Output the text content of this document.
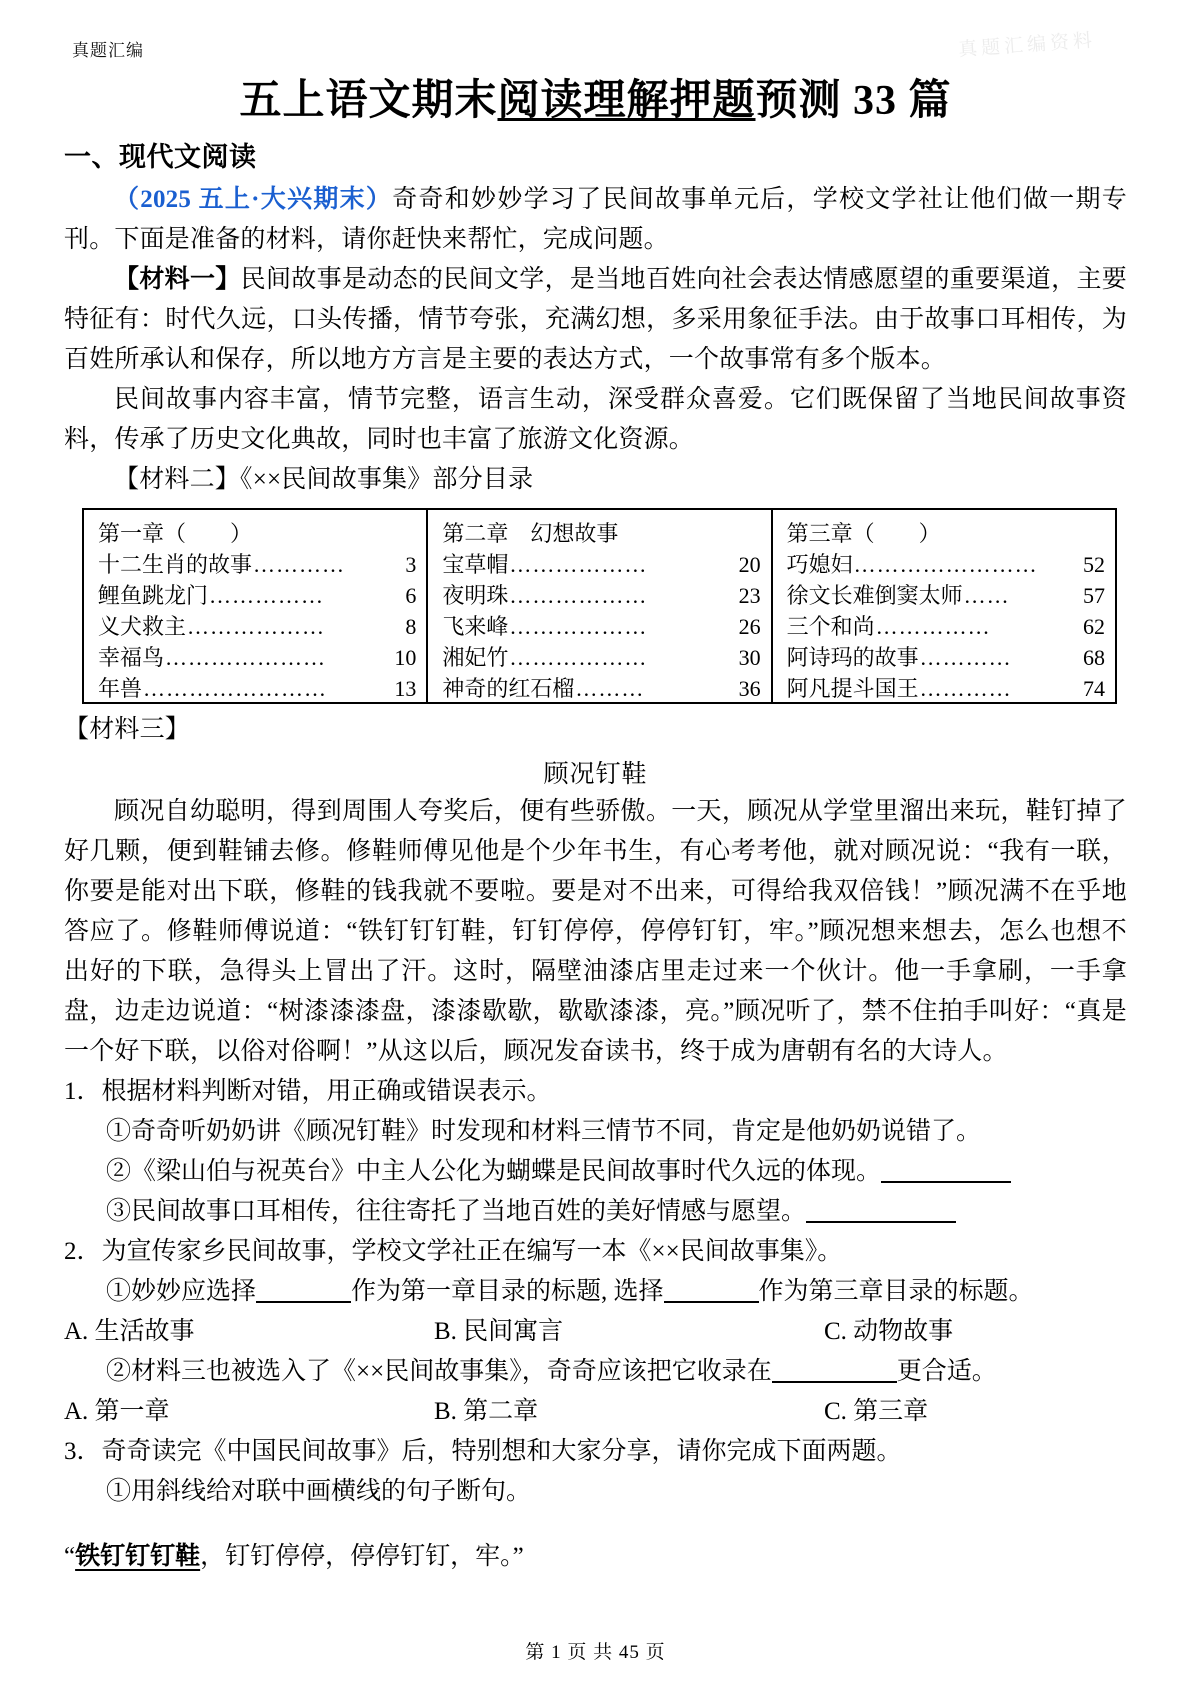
真题汇编资料
真题汇编
五上语文期末阅读理解押题预测 33 篇
一、现代文阅读

（2025 五上·大兴期末）奇奇和妙妙学习了民间故事单元后，学校文学社让他们做一期专刊。下面是准备的材料，请你赶快来帮忙，完成问题。

【材料一】民间故事是动态的民间文学，是当地百姓向社会表达情感愿望的重要渠道，主要特征有：时代久远，口头传播，情节夸张，充满幻想，多采用象征手法。由于故事口耳相传，为百姓所承认和保存，所以地方方言是主要的表达方式，一个故事常有多个版本。

民间故事内容丰富，情节完整，语言生动，深受群众喜爱。它们既保留了当地民间故事资料，传承了历史文化典故，同时也丰富了旅游文化资源。

【材料二】《××民间故事集》部分目录

第一章（　　）
十二生肖的故事 …………	3
鲤鱼跳龙门 ……………	6
义犬救主 ………………	8
幸福鸟 …………………	10
年兽 ……………………	13
第二章　幻想故事
宝草帽 ………………	20
夜明珠 ………………	23
飞来峰 ………………	26
湘妃竹 ………………	30
神奇的红石榴 ………	36
第三章（　　）
巧媳妇 ……………………	52
徐文长难倒窦太师 ……	57
三个和尚 ……………	62
阿诗玛的故事 …………	68
阿凡提斗国王 …………	74

【材料三】

顾况钉鞋

顾况自幼聪明，得到周围人夸奖后，便有些骄傲。一天，顾况从学堂里溜出来玩，鞋钉掉了好几颗，便到鞋铺去修。修鞋师傅见他是个少年书生，有心考考他，就对顾况说：“我有一联，你要是能对出下联，修鞋的钱我就不要啦。要是对不出来，可得给我双倍钱！”顾况满不在乎地答应了。修鞋师傅说道：“铁钉钉钉鞋，钉钉停停，停停钉钉，牢。”顾况想来想去，怎么也想不出好的下联，急得头上冒出了汗。这时，隔壁油漆店里走过来一个伙计。他一手拿刷，一手拿盘，边走边说道：“树漆漆漆盘，漆漆歇歇，歇歇漆漆，亮。”顾况听了，禁不住拍手叫好：“真是一个好下联，以俗对俗啊！”从这以后，顾况发奋读书，终于成为唐朝有名的大诗人。

1．根据材料判断对错，用正确或错误表示。

①奇奇听奶奶讲《顾况钉鞋》时发现和材料三情节不同，肯定是他奶奶说错了。

②《梁山伯与祝英台》中主人公化为蝴蝶是民间故事时代久远的体现。

③民间故事口耳相传，往往寄托了当地百姓的美好情感与愿望。

2．为宣传家乡民间故事，学校文学社正在编写一本《××民间故事集》。

①妙妙应选择	作为第一章目录的标题, 选择	作为第三章目录的标题。

A. 生活故事	B. 民间寓言	C. 动物故事

②材料三也被选入了《××民间故事集》，奇奇应该把它收录在	更合适。

A. 第一章	B. 第二章	C. 第三章

3．奇奇读完《中国民间故事》后，特别想和大家分享，请你完成下面两题。

①用斜线给对联中画横线的句子断句。

“铁钉钉钉鞋，钉钉停停，停停钉钉，牢。”

第 1 页 共 45 页
